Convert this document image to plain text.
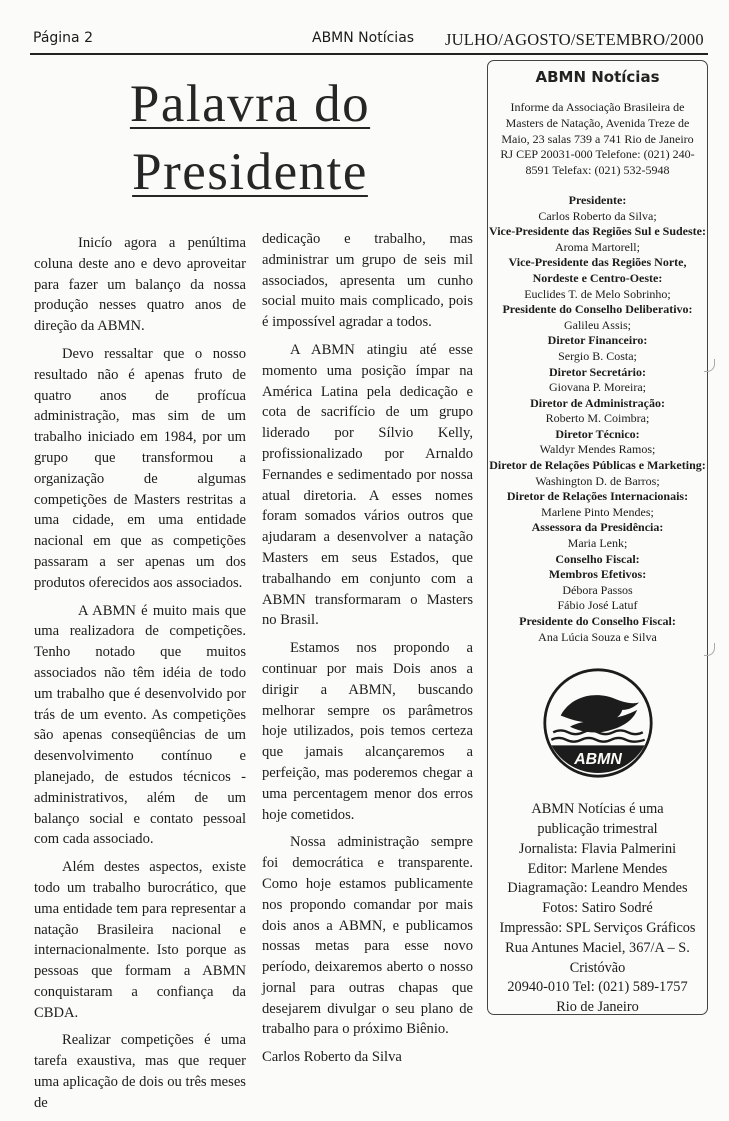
Página 2	ABMN Notícias JULHO/AGOSTO/SETEMBRO/2000
Palavra do
Presidente

Inicío agora a penúltima coluna deste ano e devo aproveitar para fazer um balanço da nossa produção nesses quatro anos de direção da ABMN.

Devo ressaltar que o nosso resultado não é apenas fruto de quatro anos de profícua administração, mas sim de um trabalho iniciado em 1984, por um grupo que transformou a organização de algumas competições de Masters restritas a uma cidade, em uma entidade nacional em que as competições passaram a ser apenas um dos produtos oferecidos aos associados.

A ABMN é muito mais que uma realizadora de competições. Tenho notado que muitos associados não têm idéia de todo um trabalho que é desenvolvido por trás de um evento. As competições são apenas conseqüências de um desenvolvimento contínuo e planejado, de estudos técnicos - administrativos, além de um balanço social e contato pessoal com cada associado.

Além destes aspectos, existe todo um trabalho burocrático, que uma entidade tem para representar a natação Brasileira nacional e internacionalmente. Isto porque as pessoas que formam a ABMN conquistaram a confiança da CBDA.

Realizar competições é uma tarefa exaustiva, mas que requer uma aplicação de dois ou três meses de

dedicação e trabalho, mas administrar um grupo de seis mil associados, apresenta um cunho social muito mais complicado, pois é impossível agradar a todos.

A ABMN atingiu até esse momento uma posição ímpar na América Latina pela dedicação e cota de sacrifício de um grupo liderado por Sílvio Kelly, profissionalizado por Arnaldo Fernandes e sedimentado por nossa atual diretoria. A esses nomes foram somados vários outros que ajudaram a desenvolver a natação Masters em seus Estados, que trabalhando em conjunto com a ABMN transformaram o Masters no Brasil.

Estamos nos propondo a continuar por mais Dois anos a dirigir a ABMN, buscando melhorar sempre os parâmetros hoje utilizados, pois temos certeza que jamais alcançaremos a perfeição, mas poderemos chegar a uma percentagem menor dos erros hoje cometidos.

Nossa administração sempre foi democrática e transparente. Como hoje estamos publicamente nos propondo comandar por mais dois anos a ABMN, e publicamos nossas metas para esse novo período, deixaremos aberto o nosso jornal para outras chapas que desejarem divulgar o seu plano de trabalho para o próximo Biênio.

Carlos Roberto da Silva

ABMN Notícias
Informe da Associação Brasileira de Masters de Natação, Avenida Treze de Maio, 23 salas 739 a 741 Rio de Janeiro RJ CEP 20031-000 Telefone: (021) 240-8591 Telefax: (021) 532-5948
Presidente:
Carlos Roberto da Silva;
Vice-Presidente das Regiões Sul e Sudeste:
Aroma Martorell;
Vice-Presidente das Regiões Norte, Nordeste e Centro-Oeste:
Euclides T. de Melo Sobrinho;
Presidente do Conselho Deliberativo:
Galileu Assis;
Diretor Financeiro:
Sergio B. Costa;
Diretor Secretário:
Giovana P. Moreira;
Diretor de Administração:
Roberto M. Coimbra;
Diretor Técnico:
Waldyr Mendes Ramos;
Diretor de Relações Públicas e Marketing:
Washington D. de Barros;
Diretor de Relações Internacionais:
Marlene Pinto Mendes;
Assessora da Presidência:
Maria Lenk;
Conselho Fiscal:
Membros Efetivos:
Débora Passos
Fábio José Latuf
Presidente do Conselho Fiscal:
Ana Lúcia Souza e Silva
ABMN
ABMN Notícias é uma
publicação trimestral
Jornalista: Flavia Palmerini
Editor: Marlene Mendes
Diagramação: Leandro Mendes
Fotos: Satiro Sodré
Impressão: SPL Serviços Gráficos
Rua Antunes Maciel, 367/A – S.
Cristóvão
20940-010 Tel: (021) 589-1757
Rio de Janeiro
